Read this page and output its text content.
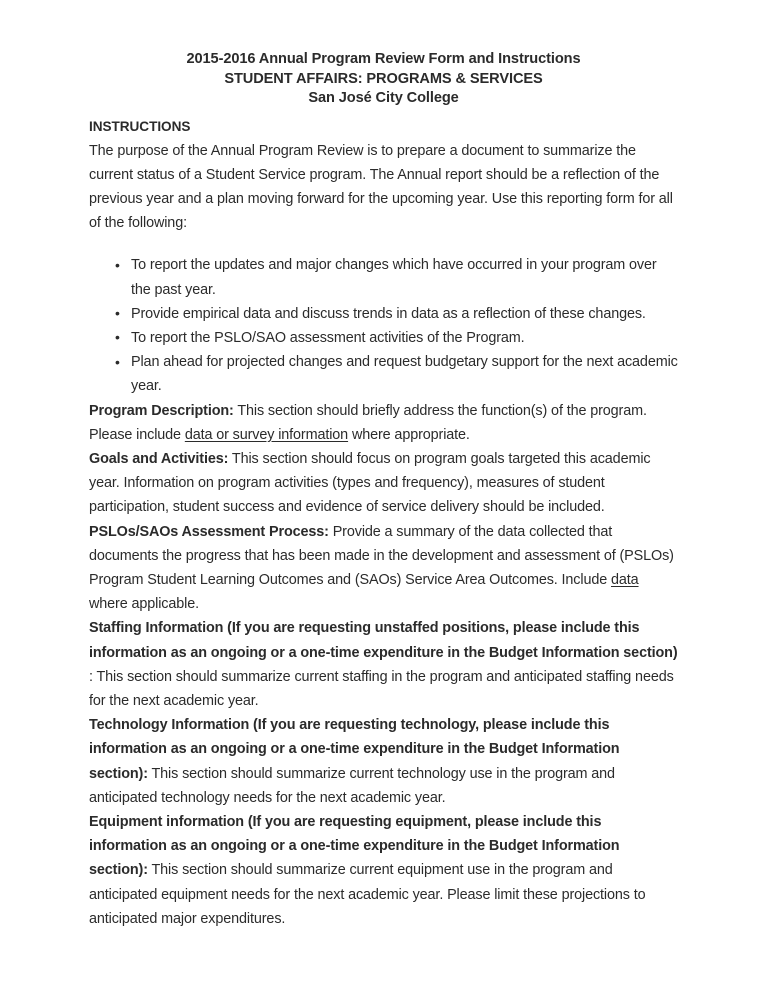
2015-2016 Annual Program Review Form and Instructions
STUDENT AFFAIRS: PROGRAMS & SERVICES
San José City College
INSTRUCTIONS

The purpose of the Annual Program Review is to prepare a document to summarize the current status of a Student Service program. The Annual report should be a reflection of the previous year and a plan moving forward for the upcoming year. Use this reporting form for all of the following:

• To report the updates and major changes which have occurred in your program over the past year.
• Provide empirical data and discuss trends in data as a reflection of these changes.
• To report the PSLO/SAO assessment activities of the Program.
• Plan ahead for projected changes and request budgetary support for the next academic year.

Program Description: This section should briefly address the function(s) of the program. Please include data or survey information where appropriate.

Goals and Activities: This section should focus on program goals targeted this academic year. Information on program activities (types and frequency), measures of student participation, student success and evidence of service delivery should be included.

PSLOs/SAOs Assessment Process: Provide a summary of the data collected that documents the progress that has been made in the development and assessment of (PSLOs) Program Student Learning Outcomes and (SAOs) Service Area Outcomes. Include data where applicable.

Staffing Information (If you are requesting unstaffed positions, please include this information as an ongoing or a one-time expenditure in the Budget Information section) : This section should summarize current staffing in the program and anticipated staffing needs for the next academic year.

Technology Information (If you are requesting technology, please include this information as an ongoing or a one-time expenditure in the Budget Information section): This section should summarize current technology use in the program and anticipated technology needs for the next academic year.

Equipment information (If you are requesting equipment, please include this information as an ongoing or a one-time expenditure in the Budget Information section): This section should summarize current equipment use in the program and anticipated equipment needs for the next academic year. Please limit these projections to anticipated major expenditures.
